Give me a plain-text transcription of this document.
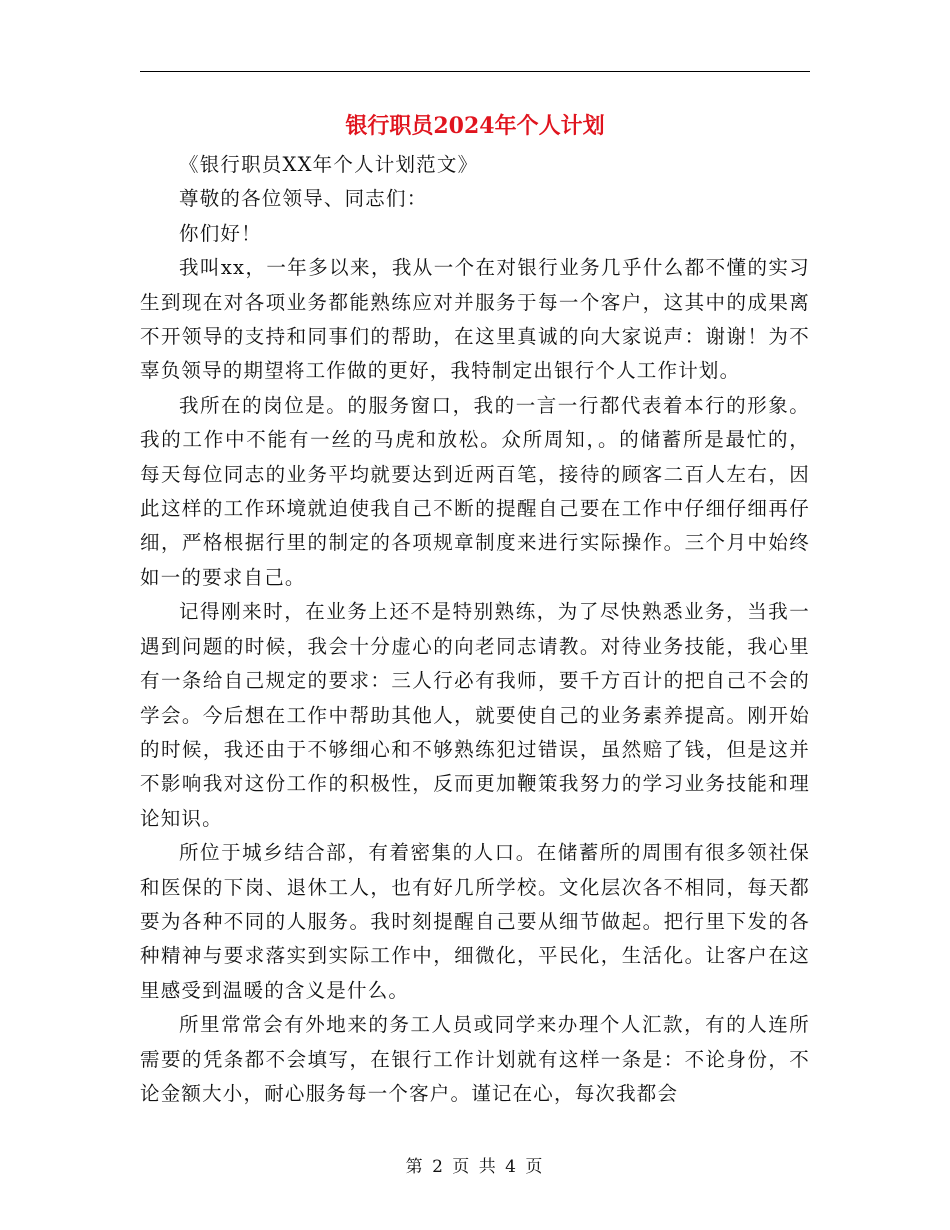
银行职员2024年个人计划

《银行职员XX年个人计划范文》

尊敬的各位领导、同志们：

你们好！

我叫xx，一年多以来，我从一个在对银行业务几乎什么都不懂的实习生到现在对各项业务都能熟练应对并服务于每一个客户，这其中的成果离不开领导的支持和同事们的帮助，在这里真诚的向大家说声：谢谢！为不辜负领导的期望将工作做的更好，我特制定出银行个人工作计划。

我所在的岗位是。的服务窗口，我的一言一行都代表着本行的形象。我的工作中不能有一丝的马虎和放松。众所周知，。的储蓄所是最忙的，每天每位同志的业务平均就要达到近两百笔，接待的顾客二百人左右，因此这样的工作环境就迫使我自己不断的提醒自己要在工作中仔细仔细再仔细，严格根据行里的制定的各项规章制度来进行实际操作。三个月中始终如一的要求自己。

记得刚来时，在业务上还不是特别熟练，为了尽快熟悉业务，当我一遇到问题的时候，我会十分虚心的向老同志请教。对待业务技能，我心里有一条给自己规定的要求：三人行必有我师，要千方百计的把自己不会的学会。今后想在工作中帮助其他人，就要使自己的业务素养提高。刚开始的时候，我还由于不够细心和不够熟练犯过错误，虽然赔了钱，但是这并不影响我对这份工作的积极性，反而更加鞭策我努力的学习业务技能和理论知识。

所位于城乡结合部，有着密集的人口。在储蓄所的周围有很多领社保和医保的下岗、退休工人，也有好几所学校。文化层次各不相同，每天都要为各种不同的人服务。我时刻提醒自己要从细节做起。把行里下发的各种精神与要求落实到实际工作中，细微化，平民化，生活化。让客户在这里感受到温暖的含义是什么。

所里常常会有外地来的务工人员或同学来办理个人汇款，有的人连所需要的凭条都不会填写，在银行工作计划就有这样一条是：不论身份，不论金额大小，耐心服务每一个客户。谨记在心，每次我都会

第 2 页 共 4 页
